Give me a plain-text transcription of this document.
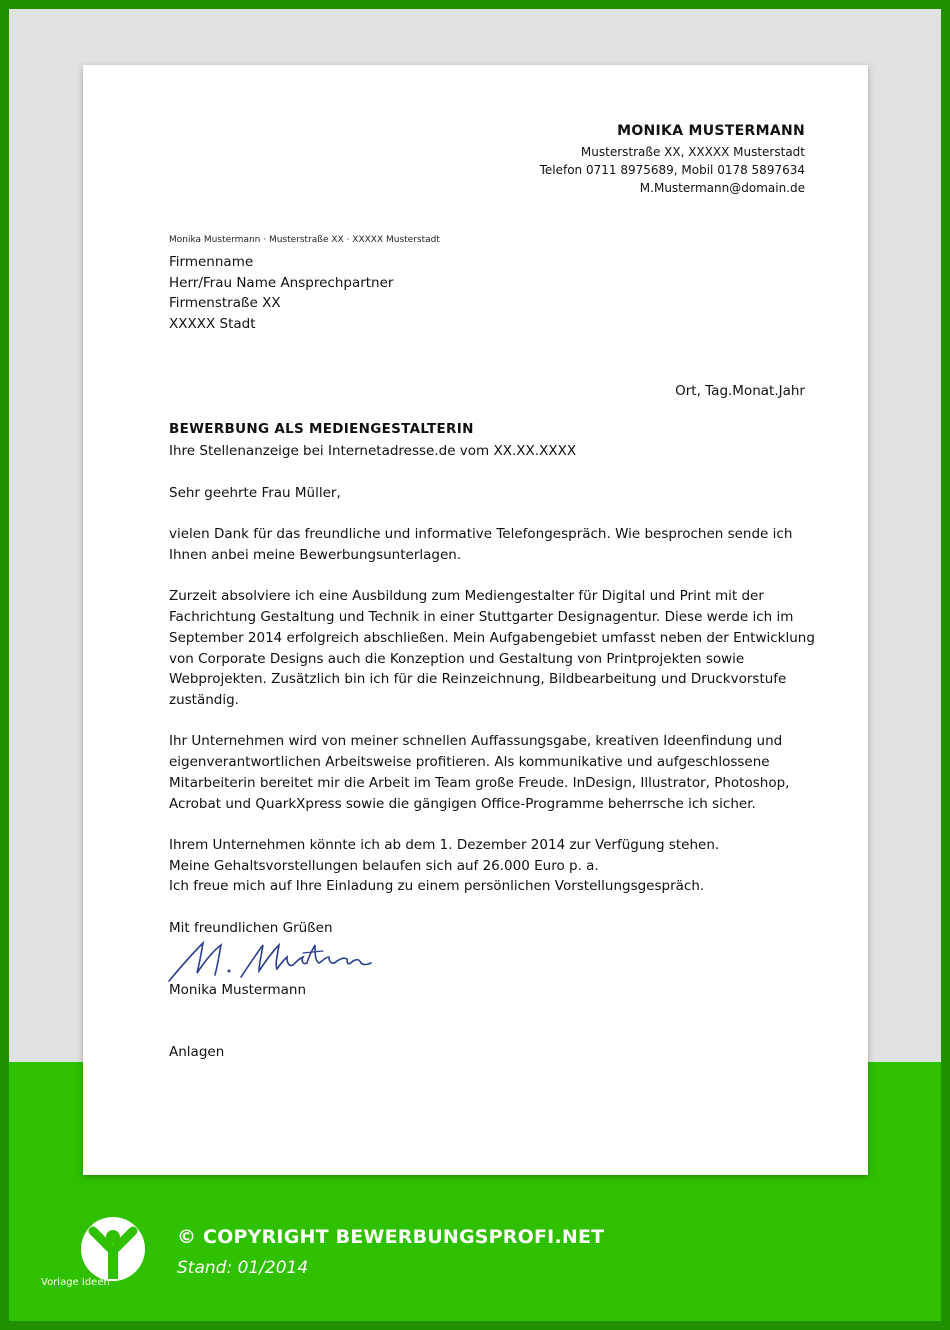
MONIKA MUSTERMANN
Musterstraße XX, XXXXX Musterstadt
Telefon 0711 8975689, Mobil 0178 5897634
M.Mustermann@domain.de
Monika Mustermann · Musterstraße XX · XXXXX Musterstadt
Firmenname
Herr/Frau Name Ansprechpartner
Firmenstraße XX
XXXXX Stadt
Ort, Tag.Monat.Jahr
BEWERBUNG ALS MEDIENGESTALTERIN
Ihre Stellenanzeige bei Internetadresse.de vom XX.XX.XXXX

Sehr geehrte Frau Müller,

vielen Dank für das freundliche und informative Telefongespräch. Wie besprochen sende ich
Ihnen anbei meine Bewerbungsunterlagen.

Zurzeit absolviere ich eine Ausbildung zum Mediengestalter für Digital und Print mit der
Fachrichtung Gestaltung und Technik in einer Stuttgarter Designagentur. Diese werde ich im
September 2014 erfolgreich abschließen. Mein Aufgabengebiet umfasst neben der Entwicklung
von Corporate Designs auch die Konzeption und Gestaltung von Printprojekten sowie
Webprojekten. Zusätzlich bin ich für die Reinzeichnung, Bildbearbeitung und Druckvorstufe
zuständig.

Ihr Unternehmen wird von meiner schnellen Auffassungsgabe, kreativen Ideenfindung und
eigenverantwortlichen Arbeitsweise profitieren. Als kommunikative und aufgeschlossene
Mitarbeiterin bereitet mir die Arbeit im Team große Freude. InDesign, Illustrator, Photoshop,
Acrobat und QuarkXpress sowie die gängigen Office-Programme beherrsche ich sicher.

Ihrem Unternehmen könnte ich ab dem 1. Dezember 2014 zur Verfügung stehen.
Meine Gehaltsvorstellungen belaufen sich auf 26.000 Euro p. a.
Ich freue mich auf Ihre Einladung zu einem persönlichen Vorstellungsgespräch.

Mit freundlichen Grüßen

Monika Mustermann
Anlagen
Vorlage Ideen
© COPYRIGHT BEWERBUNGSPROFI.NET
Stand: 01/2014
